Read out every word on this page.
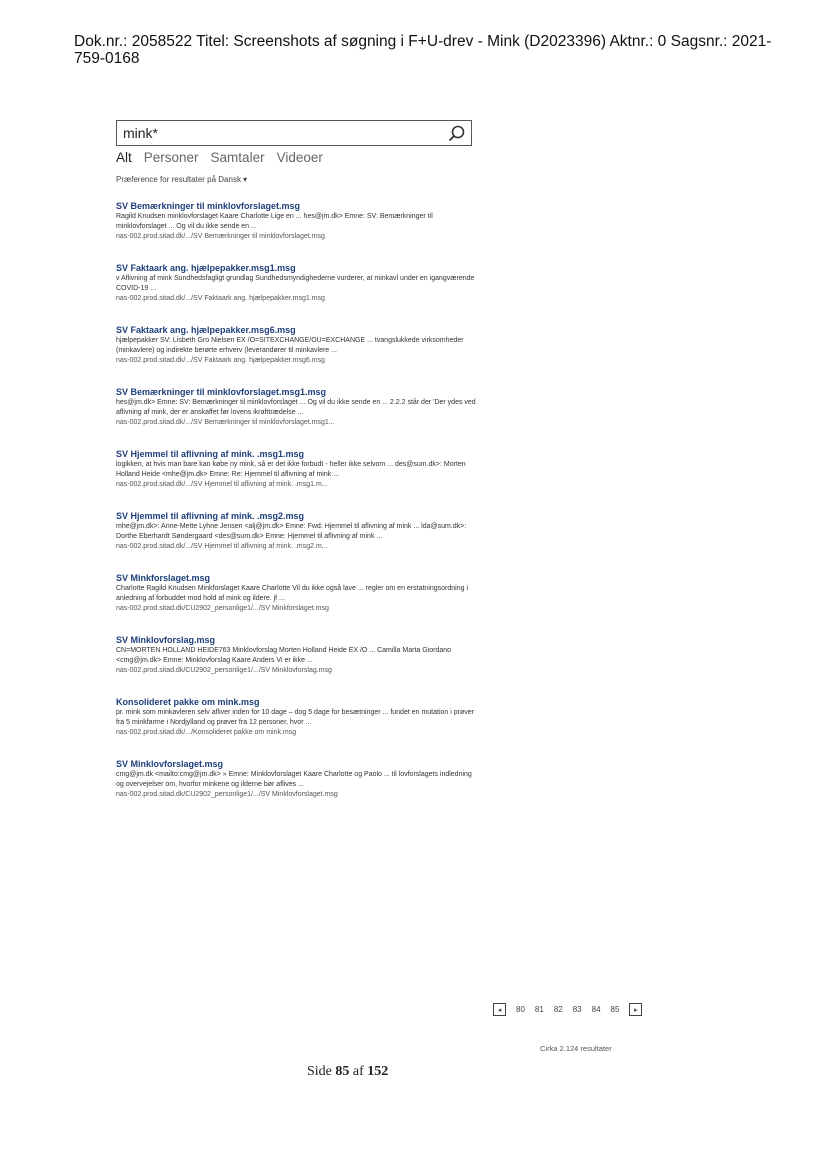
Dok.nr.: 2058522 Titel: Screenshots af søgning i F+U-drev - Mink (D2023396) Aktnr.: 0 Sagsnr.: 2021-759-0168
mink*
Alt Personer Samtaler Videoer
Præference for resultater på Dansk ▾
SV Bemærkninger til minklovforslaget.msg
Ragild Knudsen minklovforslaget Kaare Charlotte Lige en ... hes@jm.dk> Emne: SV: Bemærkninger til minklovforslaget ... Og vil du ikke sende en ...
nas-002.prod.sitad.dk/.../SV Bemærkninger til minklovforslaget.msg
SV Faktaark ang. hjælpepakker.msg1.msg
v Aflivning af mink Sundhedsfagligt grundlag Sundhedsmyndighederne vurderer, at minkavl under en igangværende COVID-19 ...
nas-002.prod.sitad.dk/.../SV Faktaark ang. hjælpepakker.msg1.msg
SV Faktaark ang. hjælpepakker.msg6.msg
hjælpepakker SV: Lisbeth Gro Nielsen EX /O=SITEXCHANGE/OU=EXCHANGE ... tvangslukkede virksomheder (minkavlere) og indirekte berørte erhverv (leverandører til minkavlere ...
nas-002.prod.sitad.dk/.../SV Faktaark ang. hjælpepakker.msg6.msg
SV Bemærkninger til minklovforslaget.msg1.msg
hes@jm.dk> Emne: SV: Bemærkninger til minklovforslaget ... Og vil du ikke sende en ... 2.2.2 står der 'Der ydes ved aflivning af mink, der er anskaffet før lovens ikrafttrædelse ...
nas-002.prod.sitad.dk/.../SV Bemærkninger til minklovforslaget.msg1...
SV Hjemmel til aflivning af mink. .msg1.msg
logikken, at hvis man bare kan købe ny mink, så er det ikke forbudt - heller ikke selvom ... des@sum.dk>: Morten Holland Heide <mhe@jm.dk> Emne: Re: Hjemmel til aflivning af mink ...
nas-002.prod.sitad.dk/.../SV Hjemmel til aflivning af mink. .msg1.m...
SV Hjemmel til aflivning af mink. .msg2.msg
mhe@jm.dk>: Anne-Mette Lyhne Jensen <alj@jm.dk> Emne: Fwd: Hjemmel til aflivning af mink ... lda@sum.dk>: Dorthe Eberhardt Søndergaard <des@sum.dk> Emne: Hjemmel til aflivning af mink ...
nas-002.prod.sitad.dk/.../SV Hjemmel til aflivning af mink. .msg2.m...
SV Minkforslaget.msg
Charlotte Ragild Knudsen Minkforslaget Kaare Charlotte Vil du ikke også lave ... regler om en erstatningsordning i anledning af forbuddet mod hold af mink og ildere. jf ...
nas-002.prod.sitad.dk/CU2902_personlige1/.../SV Minkforslaget.msg
SV Minklovforslag.msg
CN=MORTEN HOLLAND HEIDE763 Minklovforslag Morten Holland Heide EX /O ... Camilla Marta Giordano <cmg@jm.dk> Emne: Minklovforslag Kaare Anders Vi er ikke ...
nas-002.prod.sitad.dk/CU2902_personlige1/.../SV Minklovforslag.msg
Konsolideret pakke om mink.msg
pr. mink som minkavleren selv afliver inden for 10 dage – dog 5 dage for besætninger ... fundet en mutation i prøver fra 5 minkfarme i Nordjylland og prøver fra 12 personer, hvor ...
nas-002.prod.sitad.dk/.../Konsolideret pakke om mink.msg
SV Minklovforslaget.msg
cmg@jm.dk <mailto:cmg@jm.dk> » Emne: Minklovforslaget Kaare Charlotte og Paolo ... til lovforslagets indledning og overvejelser om, hvorfor minkene og ilderne bør aflives ...
nas-002.prod.sitad.dk/CU2902_personlige1/.../SV Minklovforslaget.msg
◂	80 81 82 83 84 85	▸
Cirka 2.124 resultater
Side 85 af 152
